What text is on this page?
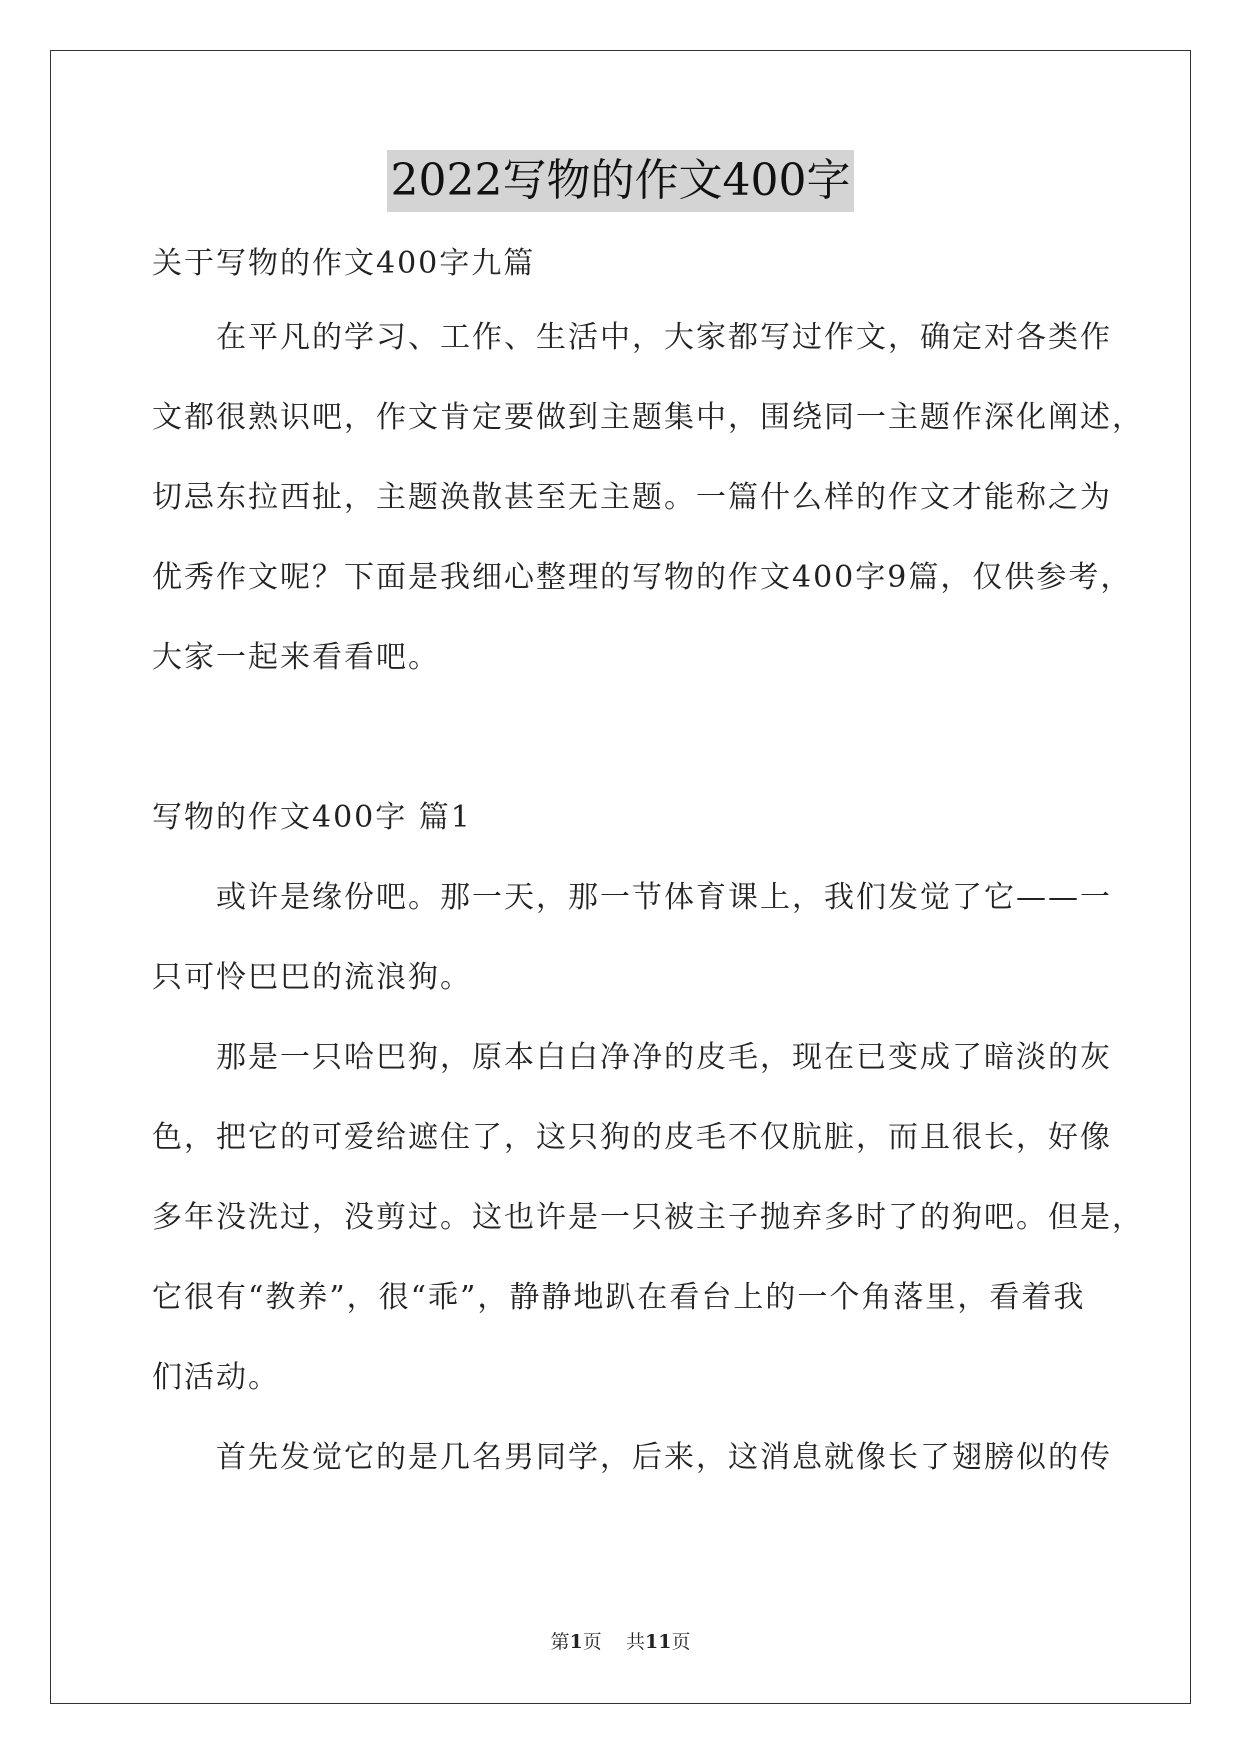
2022写物的作文400字
关于写物的作文400字九篇
在平凡的学习、工作、生活中，大家都写过作文，确定对各类作
文都很熟识吧，作文肯定要做到主题集中，围绕同一主题作深化阐述，
切忌东拉西扯，主题涣散甚至无主题。一篇什么样的作文才能称之为
优秀作文呢？下面是我细心整理的写物的作文400字9篇，仅供参考，
大家一起来看看吧。
写物的作文400字 篇1
或许是缘份吧。那一天，那一节体育课上，我们发觉了它——一
只可怜巴巴的流浪狗。
那是一只哈巴狗，原本白白净净的皮毛，现在已变成了暗淡的灰
色，把它的可爱给遮住了，这只狗的皮毛不仅肮脏，而且很长，好像
多年没洗过，没剪过。这也许是一只被主子抛弃多时了的狗吧。但是，
它很有“教养”，很“乖”，静静地趴在看台上的一个角落里，看着我
们活动。
首先发觉它的是几名男同学，后来，这消息就像长了翅膀似的传
第1页 共11页
